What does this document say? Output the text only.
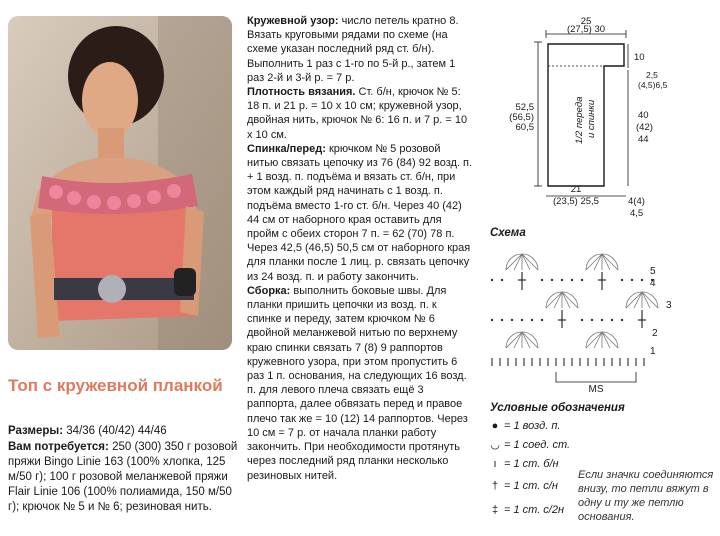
Топ с кружевной планкой
Размеры: 34/36 (40/42) 44/46
Вам потребуется: 250 (300) 350 г розовой пряжи Bingo Linie 163 (100% хлопка, 125 м/50 г); 100 г розовой меланжевой пряжи Flair Linie 106 (100% полиамида, 150 м/50 г); крючок № 5 и № 6; резиновая нить.

Кружевной узор: число петель кратно 8. Вязать круговыми рядами по схеме (на схеме указан последний ряд ст. б/н). Выполнить 1 раз с 1-го по 5-й р., затем 1 раз 2-й и 3-й р. = 7 р.

Плотность вязания. Ст. б/н, крючок № 5: 18 п. и 21 р. = 10 х 10 см; кружевной узор, двойная нить, крючок № 6: 16 п. и 7 р. = 10 х 10 см.

Спинка/перед: крючком № 5 розовой нитью связать цепочку из 76 (84) 92 возд. п. + 1 возд. п. подъёма и вязать ст. б/н, при этом каждый ряд начинать с 1 возд. п. подъёма вместо 1-го ст. б/н. Через 40 (42) 44 см от наборного края оставить для пройм с обеих сторон 7 п. = 62 (70) 78 п. Через 42,5 (46,5) 50,5 см от наборного края для планки после 1 лиц. р. связать цепочку из 24 возд. п. и работу закончить.

Сборка: выполнить боковые швы. Для планки пришить цепочки из возд. п. к спинке и переду, затем крючком № 6 двойной меланжевой нитью по верхнему краю спинки связать 7 (8) 9 раппортов кружевного узора, при этом пропустить 6 раз 1 п. основания, на следующих 16 возд. п. для левого плеча связать ещё 3 раппорта, далее обвязать перед и правое плечо так же = 10 (12) 14 раппортов. Через 10 см = 7 р. от начала планки работу закончить. При необходимости протянуть через последний ряд планки несколько резиновых нитей.

25
(27,5) 30
10
2,5
(4,5)6,5
52,5
(56,5)
60,5	1/2 переда и спинки	40
(42)
44
21
(23,5) 25,5	4(4)
4,5
Схема
MS
5
4
3
2
1
Условные обозначения
● = 1 возд. п.
◡ = 1 соед. ст.
ı = 1 ст. б/н
† = 1 ст. с/н
‡ = 1 ст. с/2н
Если значки соединяются внизу, то петли вяжут в одну и ту же петлю основания.
